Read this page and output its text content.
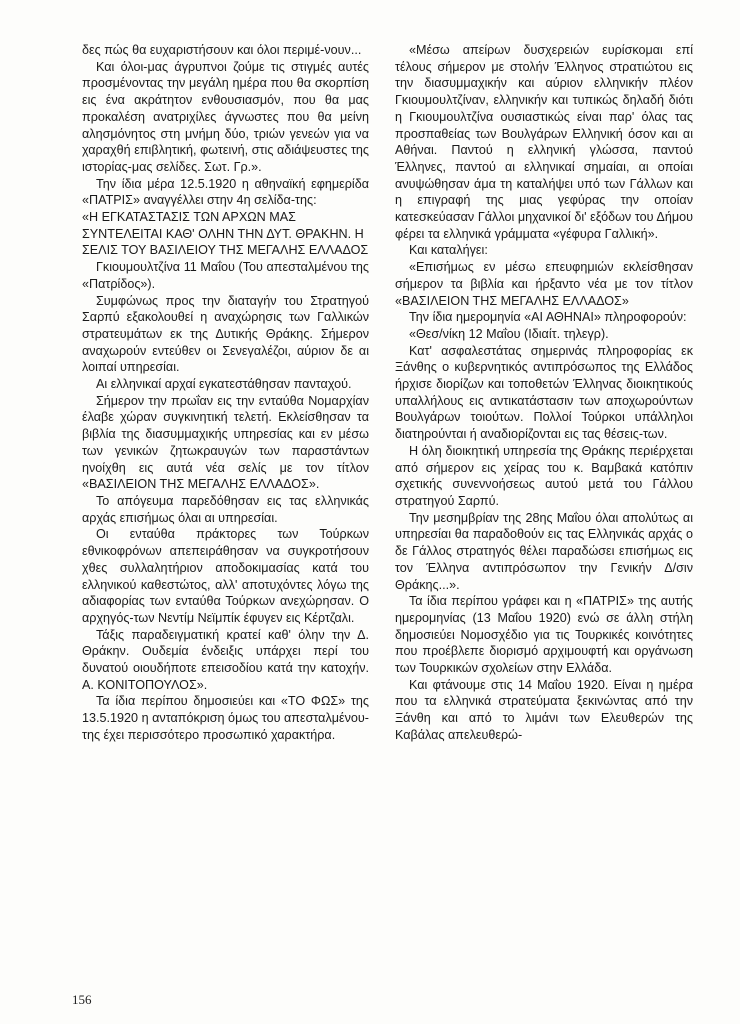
δες πώς θα ευχαριστήσουν και όλοι περιμέ-νουν...

Και όλοι-μας άγρυπνοι ζούμε τις στιγμές αυτές προσμένοντας την μεγάλη ημέρα που θα σκορπίση εις ένα ακράτητον ενθουσιασμόν, που θα μας προκαλέση ανατριχίλες άγνωστες που θα μείνη αλησμόνητος στη μνήμη δύο, τριών γενεών για να χαραχθή επιβλητική, φωτεινή, στις αδιάψευστες της ιστορίας-μας σελίδες. Σωτ. Γρ.».

Την ίδια μέρα 12.5.1920 η αθηναϊκή εφημερίδα «ΠΑΤΡΙΣ» αναγγέλλει στην 4η σελίδα-της:

«Η ΕΓΚΑΤΑΣΤΑΣΙΣ ΤΩΝ ΑΡΧΩΝ ΜΑΣ ΣΥΝΤΕΛΕΙΤΑΙ ΚΑΘ' ΟΛΗΝ ΤΗΝ ΔΥΤ. ΘΡΑΚΗΝ. Η ΣΕΛΙΣ ΤΟΥ ΒΑΣΙΛΕΙΟΥ ΤΗΣ ΜΕΓΑΛΗΣ ΕΛΛΑΔΟΣ

Γκιουμουλτζίνα 11 Μαΐου (Του απεσταλμένου της «Πατρίδος»).

Συμφώνως προς την διαταγήν του Στρατηγού Σαρπύ εξακολουθεί η αναχώρησις των Γαλλικών στρατευμάτων εκ της Δυτικής Θράκης. Σήμερον αναχωρούν εντεύθεν οι Σενεγαλέζοι, αύριον δε αι λοιπαί υπηρεσίαι.

Αι ελληνικαί αρχαί εγκατεστάθησαν πανταχού.

Σήμερον την πρωΐαν εις την ενταύθα Νομαρχίαν έλαβε χώραν συγκινητική τελετή. Εκλείσθησαν τα βιβλία της διασυμμαχικής υπηρεσίας και εν μέσω των γενικών ζητωκραυγών των παραστάντων ηνοίχθη εις αυτά νέα σελίς με τον τίτλον «ΒΑΣΙΛΕΙΟΝ ΤΗΣ ΜΕΓΑΛΗΣ ΕΛΛΑΔΟΣ».

Το απόγευμα παρεδόθησαν εις τας ελληνικάς αρχάς επισήμως όλαι αι υπηρεσίαι.

Οι ενταύθα πράκτορες των Τούρκων εθνικοφρόνων απεπειράθησαν να συγκροτήσουν χθες συλλαλητήριον αποδοκιμασίας κατά του ελληνικού καθεστώτος, αλλ' αποτυχόντες λόγω της αδιαφορίας των ενταύθα Τούρκων ανεχώρησαν. Ο αρχηγός-των Νεντίμ Νεϊμπίκ έφυγεν εις Κέρτζαλι.

Τάξις παραδειγματική κρατεί καθ' όλην την Δ. Θράκην. Ουδεμία ένδειξις υπάρχει περί του δυνατού οιουδήποτε επεισοδίου κατά την κατοχήν. Α. ΚΟΝΙΤΟΠΟΥΛΟΣ».

Τα ίδια περίπου δημοσιεύει και «ΤΟ ΦΩΣ» της 13.5.1920 η ανταπόκριση όμως του απεσταλμένου-της έχει περισσότερο προσωπικό χαρακτήρα.

«Μέσω απείρων δυσχερειών ευρίσκομαι επί τέλους σήμερον με στολήν Έλληνος στρατιώτου εις την διασυμμαχικήν και αύριον ελληνικήν πλέον Γκιουμουλτζίναν, ελληνικήν και τυπικώς δηλαδή διότι η Γκιουμουλτζίνα ουσιαστικώς είναι παρ' όλας τας προσπαθείας των Βουλγάρων Ελληνική όσον και αι Αθήναι. Παντού η ελληνική γλώσσα, παντού Έλληνες, παντού αι ελληνικαί σημαίαι, αι οποίαι ανυψώθησαν άμα τη καταλήψει υπό των Γάλλων και η επιγραφή της μιας γεφύρας την οποίαν κατεσκεύασαν Γάλλοι μηχανικοί δι' εξόδων του Δήμου φέρει τα ελληνικά γράμματα «γέφυρα Γαλλική».

Και καταλήγει:

«Επισήμως εν μέσω επευφημιών εκλείσθησαν σήμερον τα βιβλία και ήρξαντο νέα με τον τίτλον «ΒΑΣΙΛΕΙΟΝ ΤΗΣ ΜΕΓΑΛΗΣ ΕΛΛΑΔΟΣ»

Την ίδια ημερομηνία «ΑΙ ΑΘΗΝΑΙ» πληροφορούν:

«Θεσ/νίκη 12 Μαΐου (Ιδιαίτ. τηλεγρ).

Κατ' ασφαλεστάτας σημερινάς πληροφορίας εκ Ξάνθης ο κυβερνητικός αντιπρόσωπος της Ελλάδος ήρχισε διορίζων και τοποθετών Έλληνας διοικητικούς υπαλλήλους εις αντικατάστασιν των αποχωρούντων Βουλγάρων τοιούτων. Πολλοί Τούρκοι υπάλληλοι διατηρούνται ή αναδιορίζονται εις τας θέσεις-των.

Η όλη διοικητική υπηρεσία της Θράκης περιέρχεται από σήμερον εις χείρας του κ. Βαμβακά κατόπιν σχετικής συνεννοήσεως αυτού μετά του Γάλλου στρατηγού Σαρπύ.

Την μεσημβρίαν της 28ης Μαΐου όλαι απολύτως αι υπηρεσίαι θα παραδοθούν εις τας Ελληνικάς αρχάς ο δε Γάλλος στρατηγός θέλει παραδώσει επισήμως εις τον Έλληνα αντιπρόσωπον την Γενικήν Δ/σιν Θράκης...».

Τα ίδια περίπου γράφει και η «ΠΑΤΡΙΣ» της αυτής ημερομηνίας (13 Μαΐου 1920) ενώ σε άλλη στήλη δημοσιεύει Νομοσχέδιο για τις Τουρκικές κοινότητες που προέβλεπε διορισμό αρχιμουφτή και οργάνωση των Τουρκικών σχολείων στην Ελλάδα.

Και φτάνουμε στις 14 Μαΐου 1920. Είναι η ημέρα που τα ελληνικά στρατεύματα ξεκινώντας από την Ξάνθη και από το λιμάνι των Ελευθερών της Καβάλας απελευθερώ-

156
